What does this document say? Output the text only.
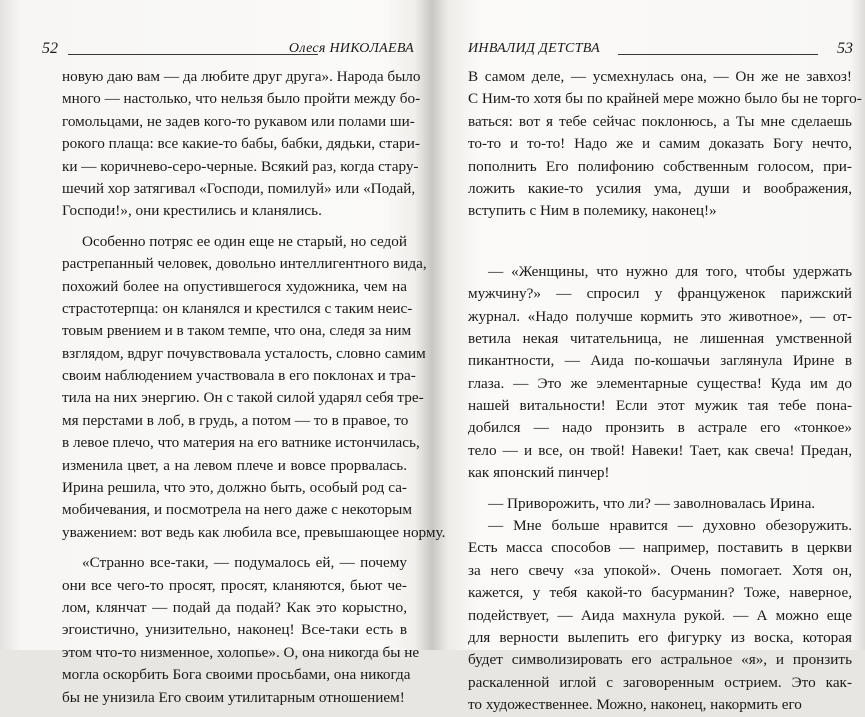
52	Олеся НИКОЛАЕВА
новую даю вам — да любите друг друга». Народа было
много — настолько, что нельзя было пройти между бо-
гомольцами, не задев кого-то рукавом или полами ши-
рокого плаща: все какие-то бабы, бабки, дядьки, стари-
ки — коричнево-серо-черные. Всякий раз, когда стару-
шечий хор затягивал «Господи, помилуй» или «Подай,
Господи!», они крестились и кланялись.
Особенно потряс ее один еще не старый, но седой
растрепанный человек, довольно интеллигентного вида,
похожий более на опустившегося художника, чем на
страстотерпца: он кланялся и крестился с таким неис-
товым рвением и в таком темпе, что она, следя за ним
взглядом, вдруг почувствовала усталость, словно самим
своим наблюдением участвовала в его поклонах и тра-
тила на них энергию. Он с такой силой ударял себя тре-
мя перстами в лоб, в грудь, а потом — то в правое, то
в левое плечо, что материя на его ватнике истончилась,
изменила цвет, а на левом плече и вовсе прорвалась.
Ирина решила, что это, должно быть, особый род са-
мобичевания, и посмотрела на него даже с некоторым
уважением: вот ведь как любила все, превышающее норму.
«Странно все-таки, — подумалось ей, — почему
они все чего-то просят, просят, кланяются, бьют че-
лом, клянчат — подай да подай? Как это корыстно,
эгоистично, унизительно, наконец! Все-таки есть в
этом что-то низменное, холопье». О, она никогда бы не
могла оскорбить Бога своими просьбами, она никогда
бы не унизила Его своим утилитарным отношением!
ИНВАЛИД ДЕТСТВА	53
В самом деле, — усмехнулась она, — Он же не завхоз!
С Ним-то хотя бы по крайней мере можно было бы не торго-
ваться: вот я тебе сейчас поклонюсь, а Ты мне сделаешь
то-то и то-то! Надо же и самим доказать Богу нечто,
пополнить Его полифонию собственным голосом, при-
ложить какие-то усилия ума, души и воображения,
вступить с Ним в полемику, наконец!»
— «Женщины, что нужно для того, чтобы удержать
мужчину?» — спросил у француженок парижский
журнал. «Надо получше кормить это животное», — от-
ветила некая читательница, не лишенная умственной
пикантности, — Аида по-кошачьи заглянула Ирине в
глаза. — Это же элементарные существа! Куда им до
нашей витальности! Если этот мужик тая тебе пона-
добился — надо пронзить в астрале его «тонкое»
тело — и все, он твой! Навеки! Тает, как свеча! Предан,
как японский пинчер!
— Приворожить, что ли? — заволновалась Ирина.
— Мне больше нравится — духовно обезоружить.
Есть масса способов — например, поставить в церкви
за него свечу «за упокой». Очень помогает. Хотя он,
кажется, у тебя какой-то басурманин? Тоже, наверное,
подействует, — Аида махнула рукой. — А можно еще
для верности вылепить его фигурку из воска, которая
будет символизировать его астральное «я», и пронзить
раскаленной иглой с заговоренным острием. Это как-
то художественнее. Можно, наконец, накормить его
